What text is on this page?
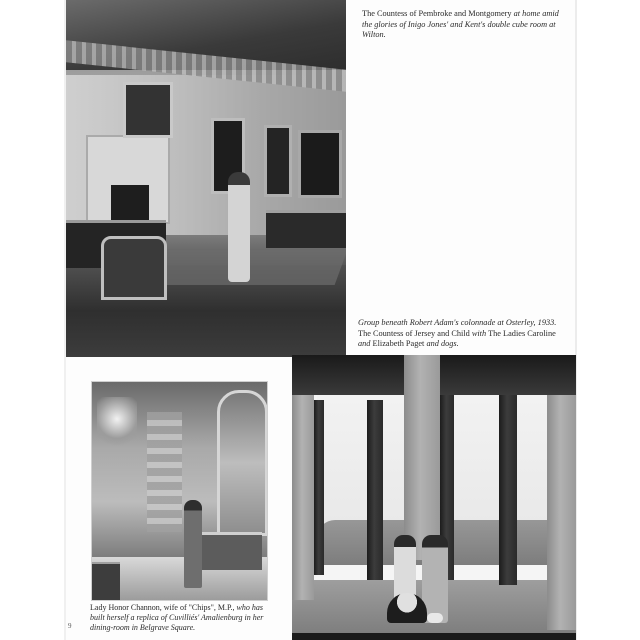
The Countess of Pembroke and Montgomery at home amid the glories of Inigo Jones' and Kent's double cube room at Wilton.
Group beneath Robert Adam's colonnade at Osterley, 1933. The Countess of Jersey and Child with The Ladies Caroline and Elizabeth Paget and dogs.
Lady Honor Channon, wife of "Chips", M.P., who has built herself a replica of Cuvilliés' Amalienburg in her dining-room in Belgrave Square.
9
